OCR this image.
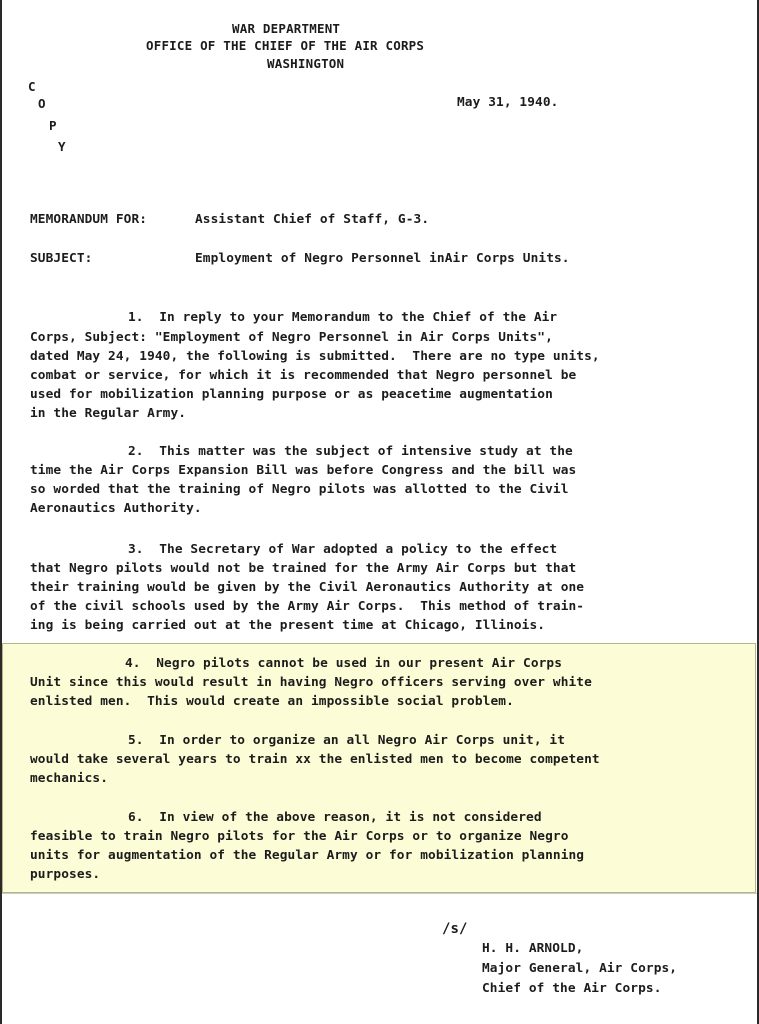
WAR DEPARTMENT
OFFICE OF THE CHIEF OF THE AIR CORPS
WASHINGTON
C
O
P
Y
May 31, 1940.
MEMORANDUM FOR:	Assistant Chief of Staff, G-3.
SUBJECT:	Employment of Negro Personnel inAir Corps Units.
1.  In reply to your Memorandum to the Chief of the Air
Corps, Subject: "Employment of Negro Personnel in Air Corps Units",
dated May 24, 1940, the following is submitted.  There are no type units,
combat or service, for which it is recommended that Negro personnel be
used for mobilization planning purpose or as peacetime augmentation
in the Regular Army.
2.  This matter was the subject of intensive study at the
time the Air Corps Expansion Bill was before Congress and the bill was
so worded that the training of Negro pilots was allotted to the Civil
Aeronautics Authority.
3.  The Secretary of War adopted a policy to the effect
that Negro pilots would not be trained for the Army Air Corps but that
their training would be given by the Civil Aeronautics Authority at one
of the civil schools used by the Army Air Corps.  This method of train-
ing is being carried out at the present time at Chicago, Illinois.
4.  Negro pilots cannot be used in our present Air Corps
Unit since this would result in having Negro officers serving over white
enlisted men.  This would create an impossible social problem.
5.  In order to organize an all Negro Air Corps unit, it
would take several years to train xx the enlisted men to become competent
mechanics.
6.  In view of the above reason, it is not considered
feasible to train Negro pilots for the Air Corps or to organize Negro
units for augmentation of the Regular Army or for mobilization planning
purposes.
/s/
H. H. ARNOLD,
Major General, Air Corps,
Chief of the Air Corps.
